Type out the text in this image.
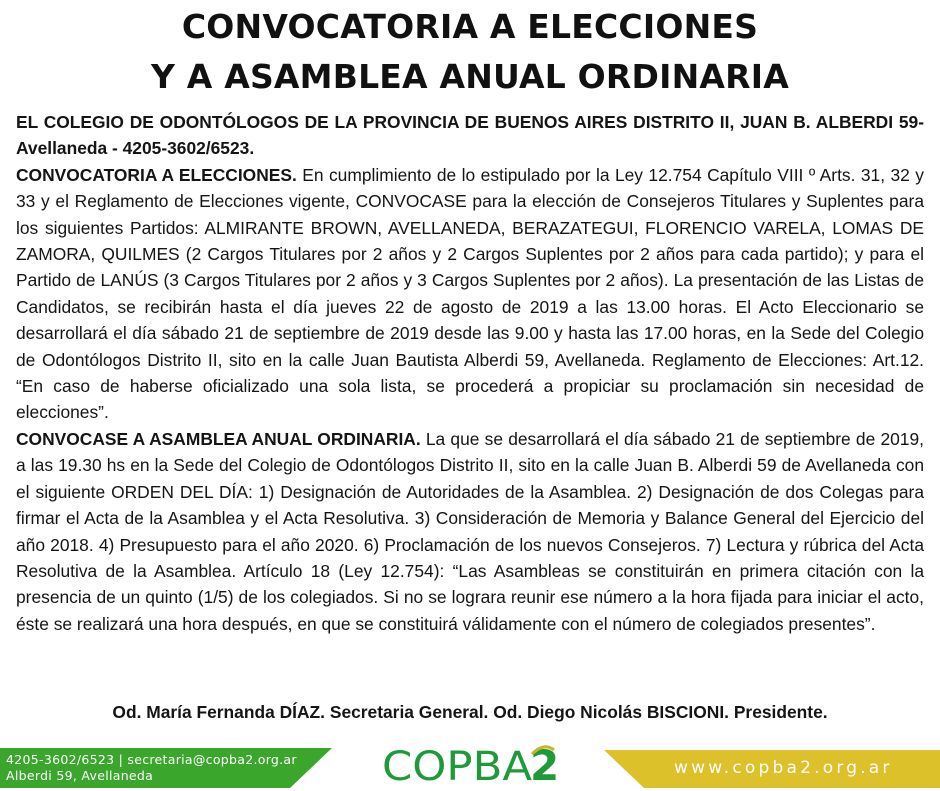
CONVOCATORIA A ELECCIONES
Y A ASAMBLEA ANUAL ORDINARIA

EL COLEGIO DE ODONTÓLOGOS DE LA PROVINCIA DE BUENOS AIRES DISTRITO II, JUAN B. ALBERDI 59- Avellaneda - 4205-3602/6523.

CONVOCATORIA A ELECCIONES. En cumplimiento de lo estipulado por la Ley 12.754 Capítulo VIII º Arts. 31, 32 y 33 y el Reglamento de Elecciones vigente, CONVOCASE para la elección de Consejeros Titulares y Suplentes para los siguientes Partidos: ALMIRANTE BROWN, AVELLANEDA, BERAZATEGUI, FLORENCIO VARELA, LOMAS DE ZAMORA, QUILMES (2 Cargos Titulares por 2 años y 2 Cargos Suplentes por 2 años para cada partido); y para el Partido de LANÚS (3 Cargos Titulares por 2 años y 3 Cargos Suplentes por 2 años). La presentación de las Listas de Candidatos, se recibirán hasta el día jueves 22 de agosto de 2019 a las 13.00 horas. El Acto Eleccionario se desarrollará el día sábado 21 de septiembre de 2019 desde las 9.00 y hasta las 17.00 horas, en la Sede del Colegio de Odontólogos Distrito II, sito en la calle Juan Bautista Alberdi 59, Avellaneda. Reglamento de Elecciones: Art.12. “En caso de haberse oficializado una sola lista, se procederá a propiciar su proclamación sin necesidad de elecciones”.

CONVOCASE A ASAMBLEA ANUAL ORDINARIA. La que se desarrollará el día sábado 21 de septiembre de 2019, a las 19.30 hs en la Sede del Colegio de Odontólogos Distrito II, sito en la calle Juan B. Alberdi 59 de Avellaneda con el siguiente ORDEN DEL DÍA: 1) Designación de Autoridades de la Asamblea. 2) Designación de dos Colegas para firmar el Acta de la Asamblea y el Acta Resolutiva. 3) Consideración de Memoria y Balance General del Ejercicio del año 2018. 4) Presupuesto para el año 2020. 6) Proclamación de los nuevos Consejeros. 7) Lectura y rúbrica del Acta Resolutiva de la Asamblea. Artículo 18 (Ley 12.754): “Las Asambleas se constituirán en primera citación con la presencia de un quinto (1/5) de los colegiados. Si no se lograra reunir ese número a la hora fijada para iniciar el acto, éste se realizará una hora después, en que se constituirá válidamente con el número de colegiados presentes”.

Od. María Fernanda DÍAZ. Secretaria General. Od. Diego Nicolás BISCIONI. Presidente.
4205-3602/6523 | secretaria@copba2.org.ar
Alberdi 59, Avellaneda	COPBA
2	www.copba2.org.ar
